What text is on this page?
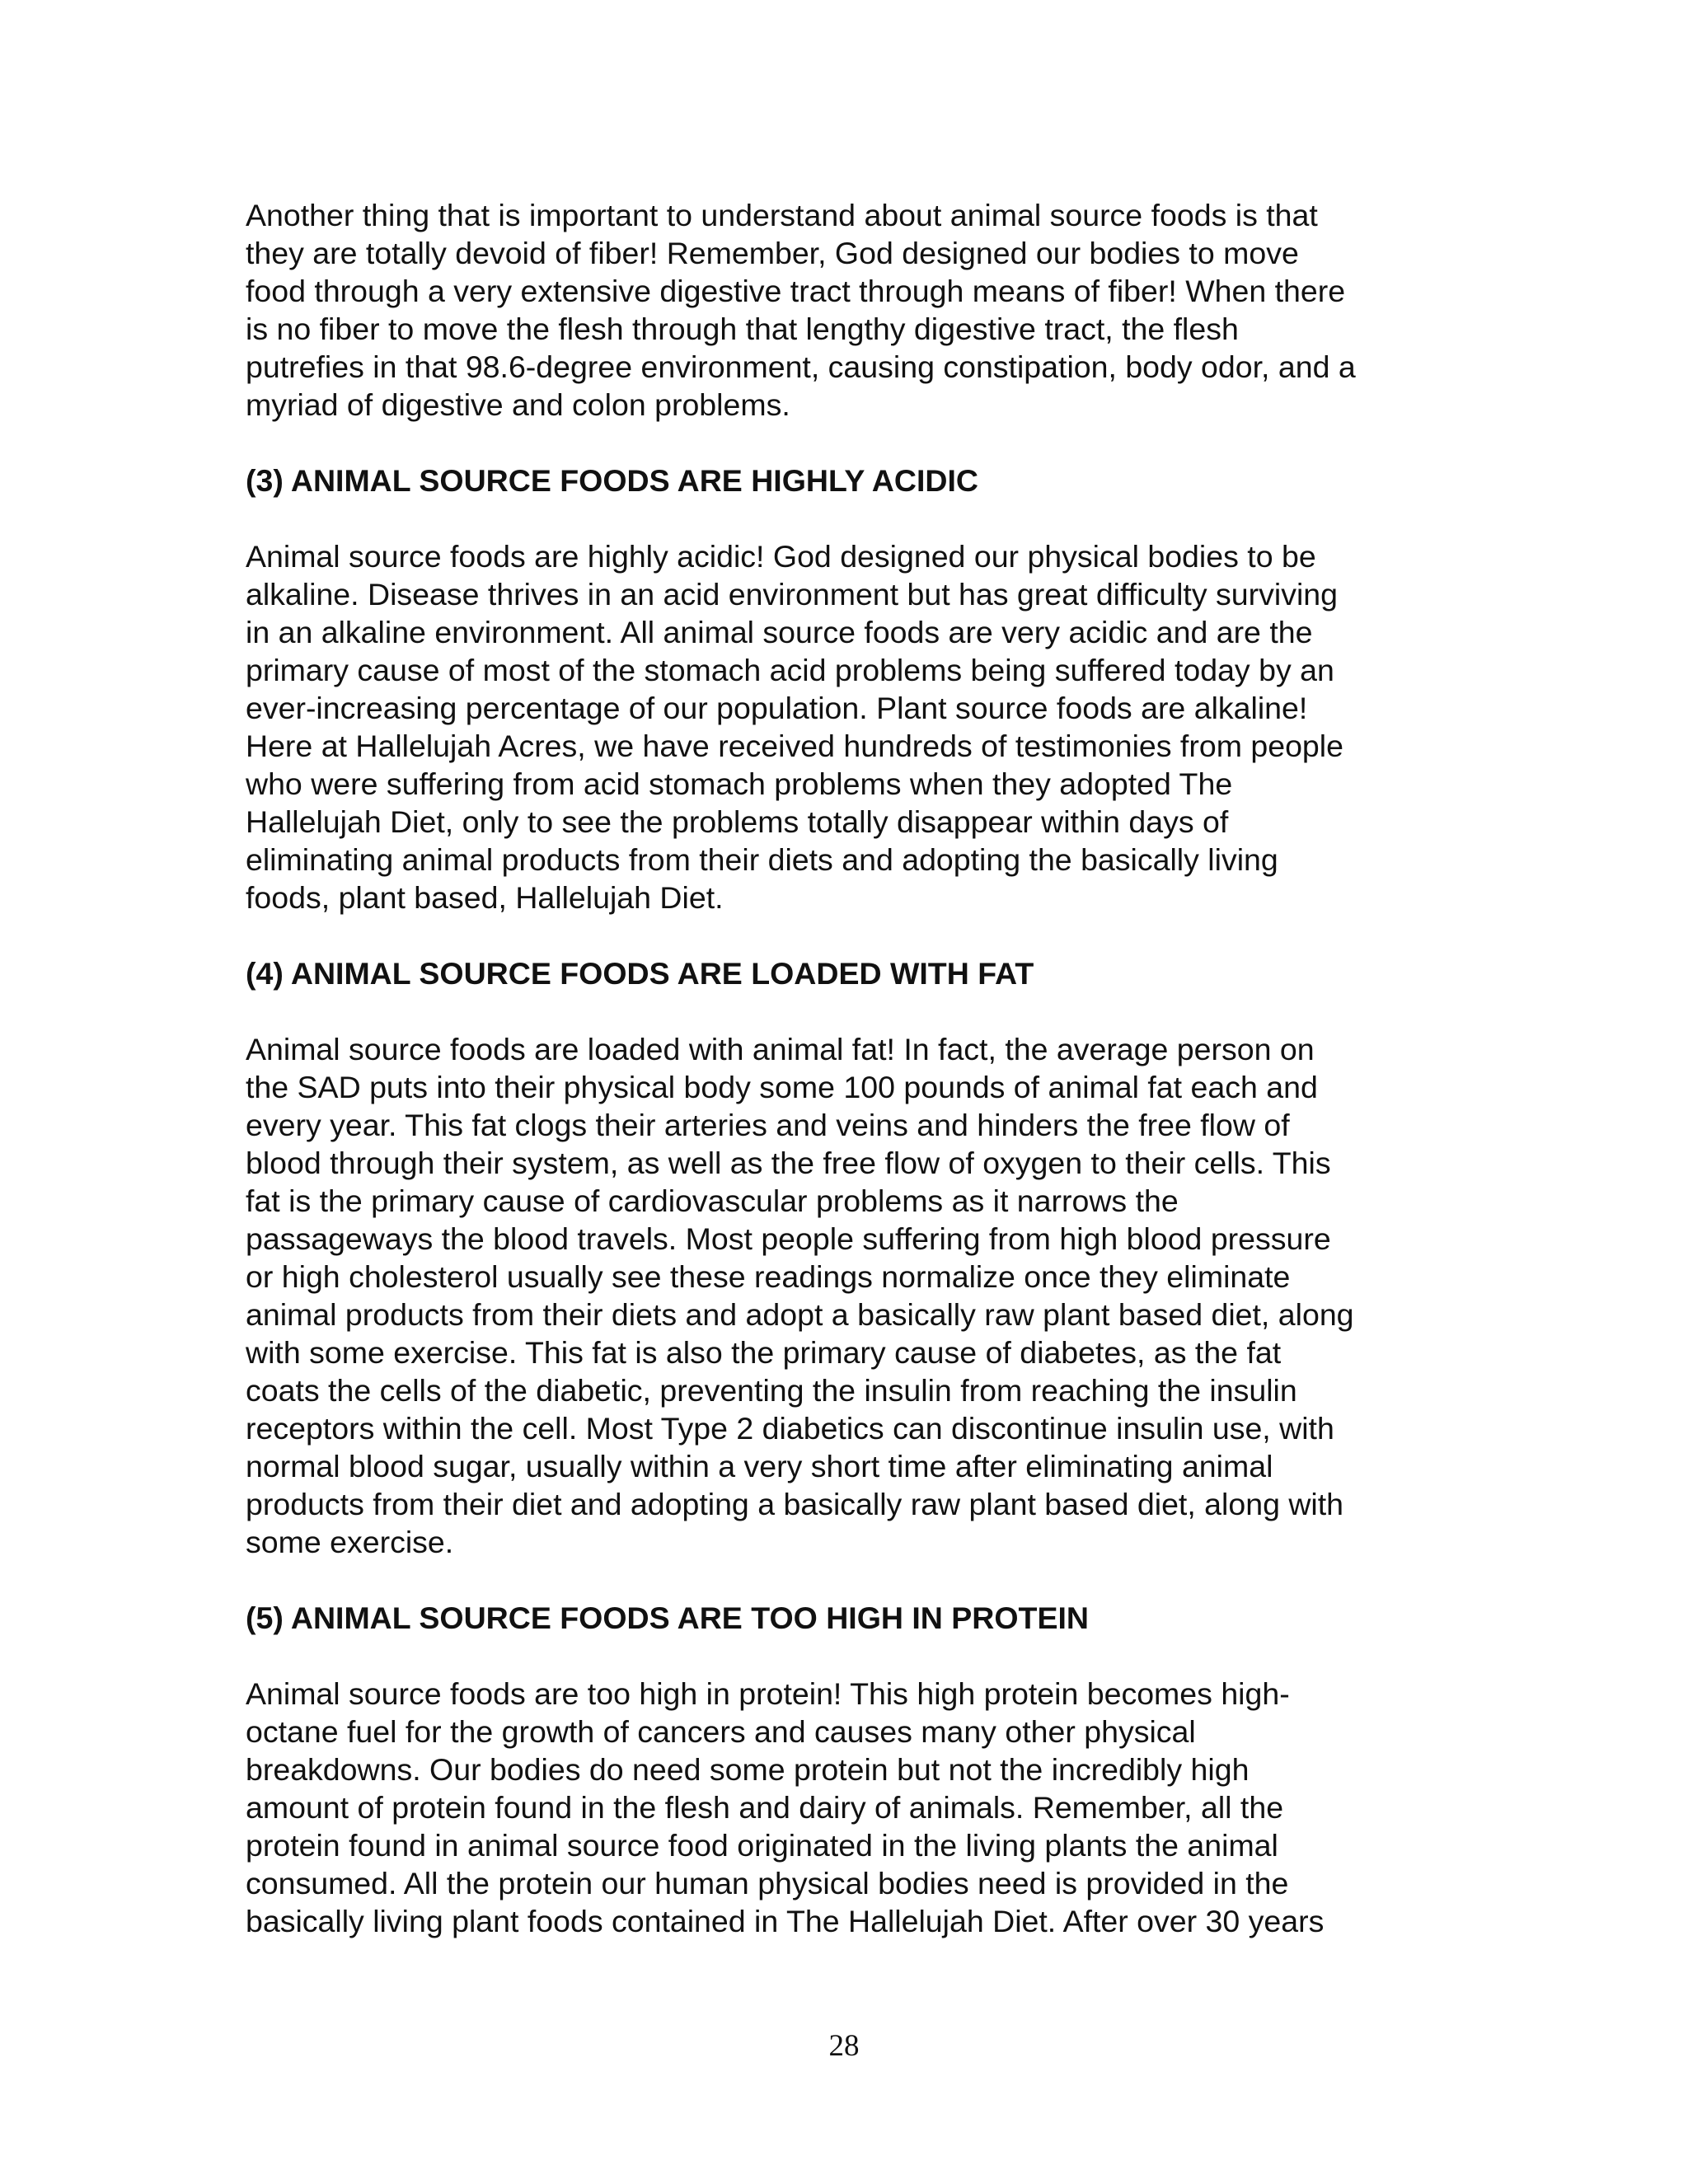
Another thing that is important to understand about animal source foods is that
they are totally devoid of fiber! Remember, God designed our bodies to move
food through a very extensive digestive tract through means of fiber! When there
is no fiber to move the flesh through that lengthy digestive tract, the flesh
putrefies in that 98.6-degree environment, causing constipation, body odor, and a
myriad of digestive and colon problems.
(3) ANIMAL SOURCE FOODS ARE HIGHLY ACIDIC
Animal source foods are highly acidic! God designed our physical bodies to be
alkaline. Disease thrives in an acid environment but has great difficulty surviving
in an alkaline environment. All animal source foods are very acidic and are the
primary cause of most of the stomach acid problems being suffered today by an
ever-increasing percentage of our population. Plant source foods are alkaline!
Here at Hallelujah Acres, we have received hundreds of testimonies from people
who were suffering from acid stomach problems when they adopted The
Hallelujah Diet, only to see the problems totally disappear within days of
eliminating animal products from their diets and adopting the basically living
foods, plant based, Hallelujah Diet.
(4) ANIMAL SOURCE FOODS ARE LOADED WITH FAT
Animal source foods are loaded with animal fat! In fact, the average person on
the SAD puts into their physical body some 100 pounds of animal fat each and
every year. This fat clogs their arteries and veins and hinders the free flow of
blood through their system, as well as the free flow of oxygen to their cells. This
fat is the primary cause of cardiovascular problems as it narrows the
passageways the blood travels. Most people suffering from high blood pressure
or high cholesterol usually see these readings normalize once they eliminate
animal products from their diets and adopt a basically raw plant based diet, along
with some exercise. This fat is also the primary cause of diabetes, as the fat
coats the cells of the diabetic, preventing the insulin from reaching the insulin
receptors within the cell. Most Type 2 diabetics can discontinue insulin use, with
normal blood sugar, usually within a very short time after eliminating animal
products from their diet and adopting a basically raw plant based diet, along with
some exercise.
(5) ANIMAL SOURCE FOODS ARE TOO HIGH IN PROTEIN
Animal source foods are too high in protein! This high protein becomes high-
octane fuel for the growth of cancers and causes many other physical
breakdowns. Our bodies do need some protein but not the incredibly high
amount of protein found in the flesh and dairy of animals. Remember, all the
protein found in animal source food originated in the living plants the animal
consumed. All the protein our human physical bodies need is provided in the
basically living plant foods contained in The Hallelujah Diet. After over 30 years
28
